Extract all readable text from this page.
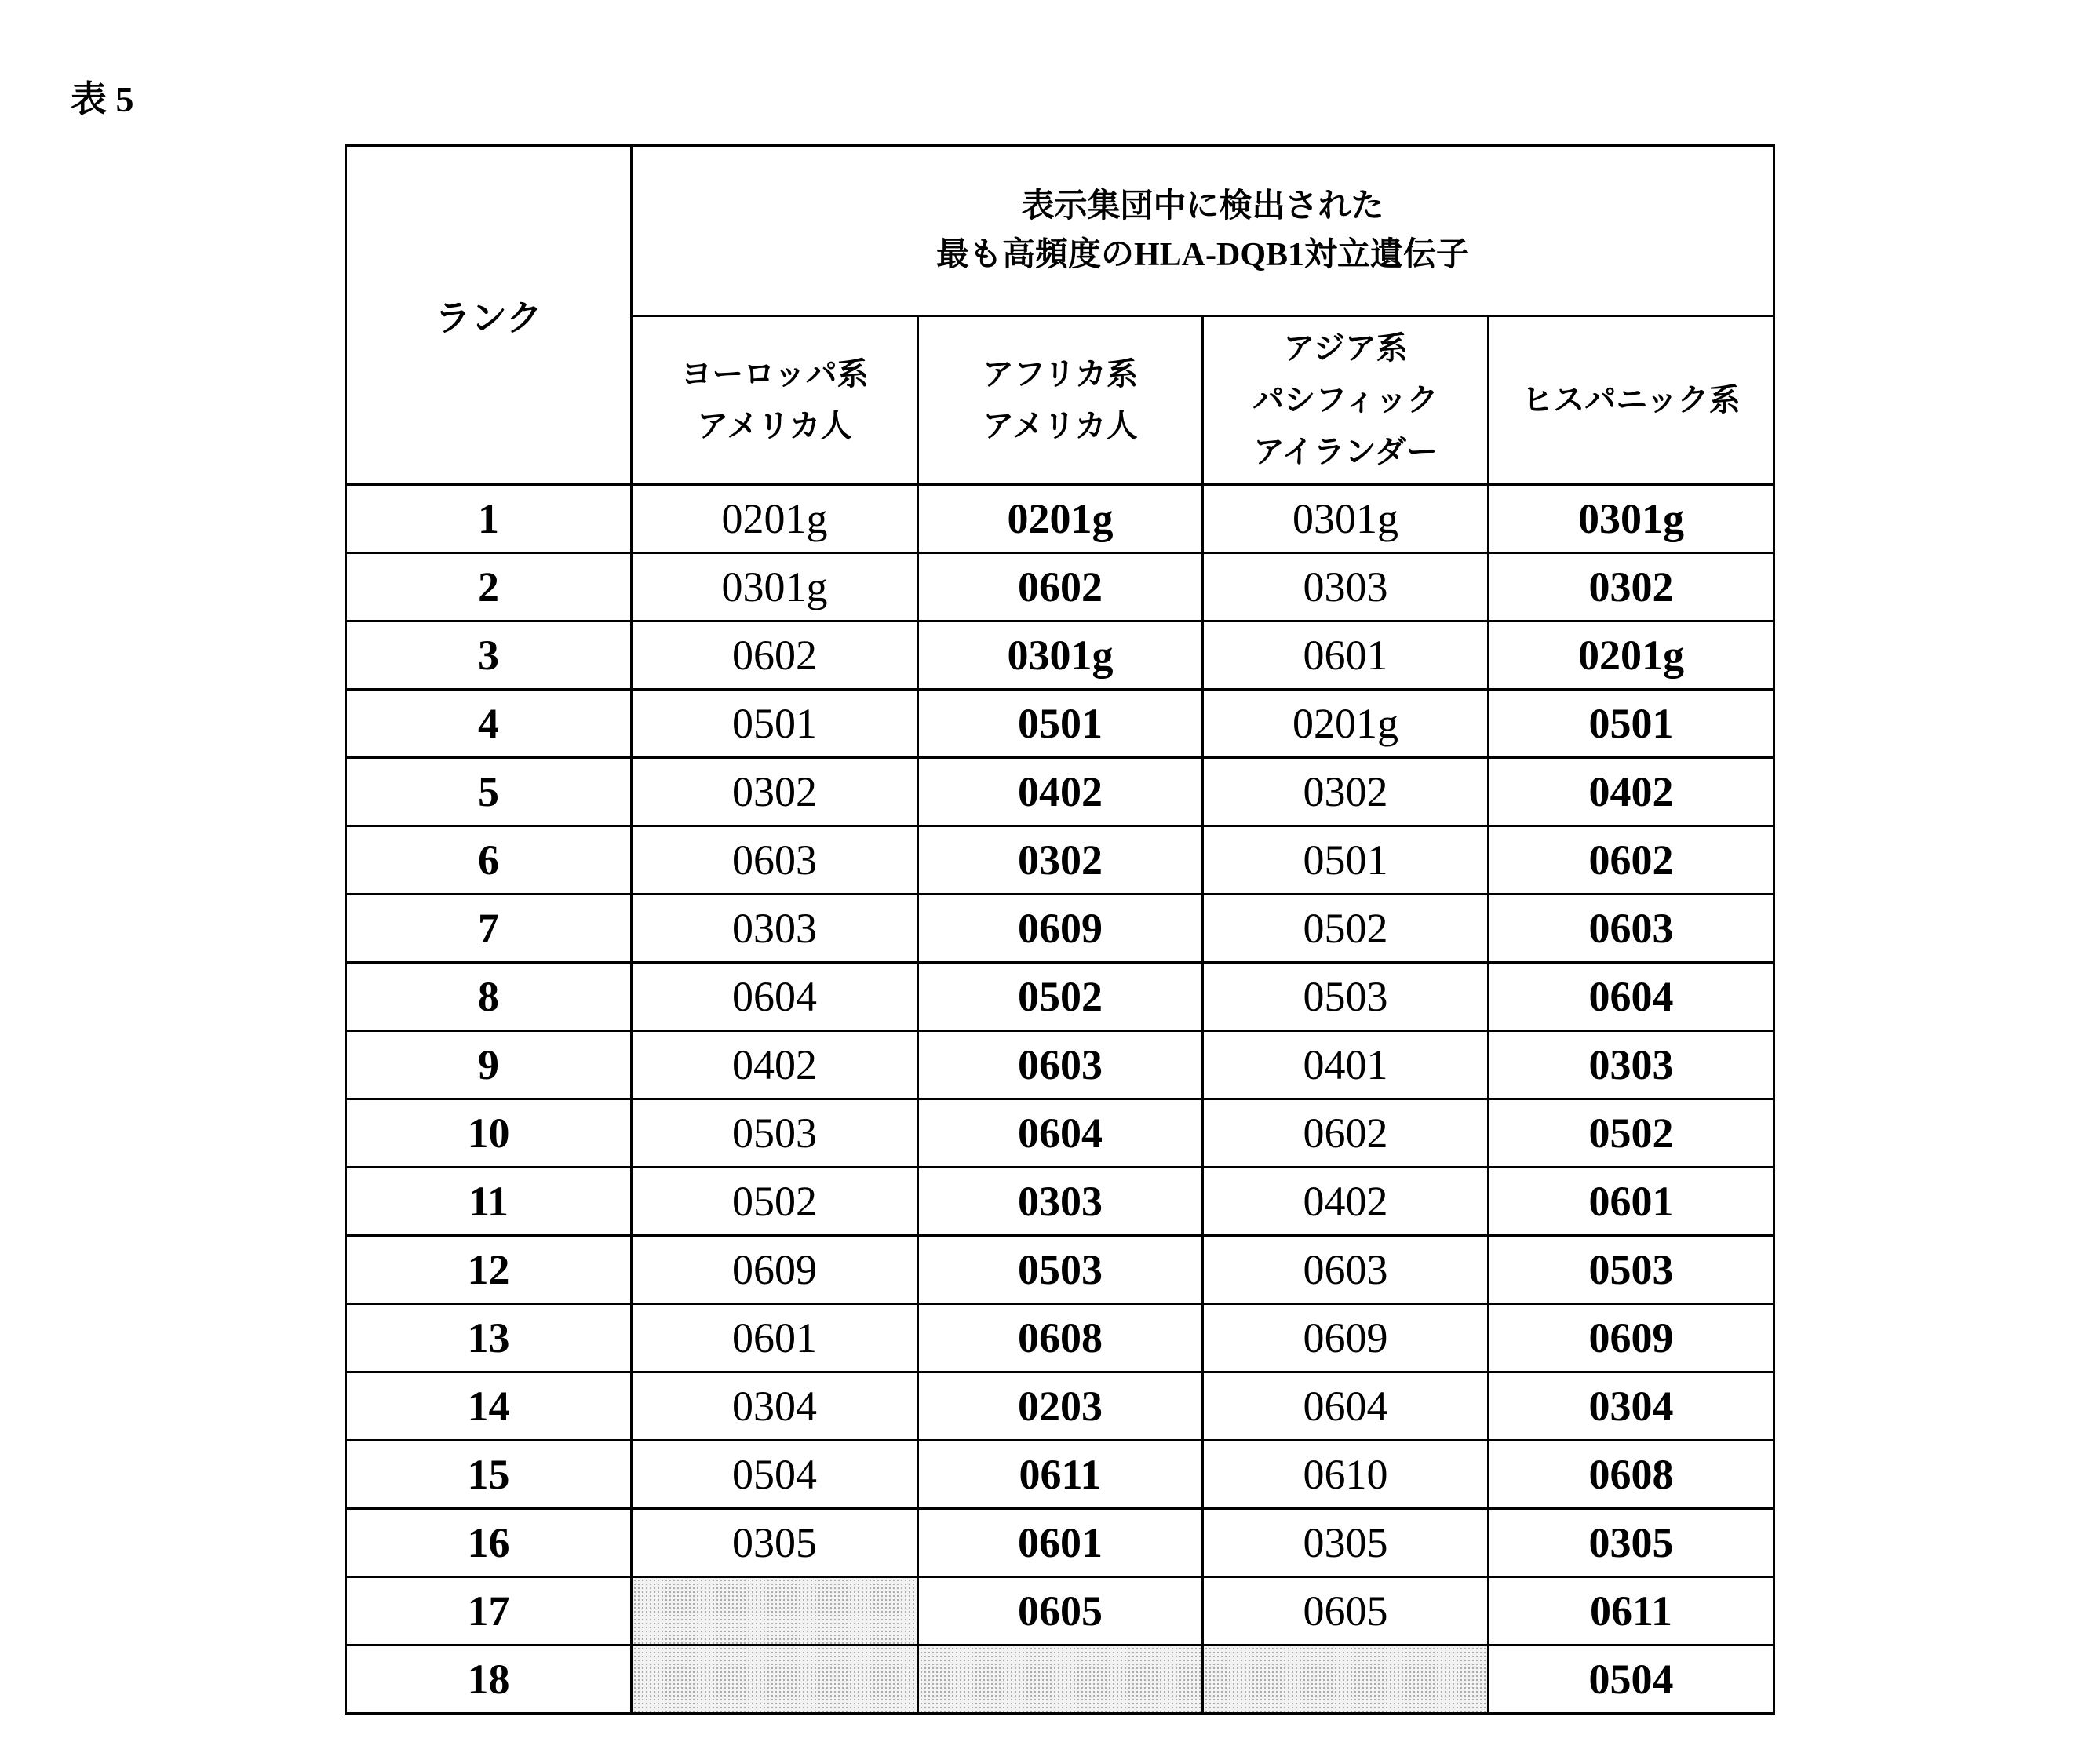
表 5
ランク	表示集団中に検出された
最も高頻度のHLA-DQB1対立遺伝子			

	ヨーロッパ系
アメリカ人	アフリカ系
アメリカ人	アジア系
パシフィック
アイランダー	ヒスパニック系

1	0201g	0201g	0301g	0301g
2	0301g	0602	0303	0302
3	0602	0301g	0601	0201g
4	0501	0501	0201g	0501
5	0302	0402	0302	0402
6	0603	0302	0501	0602
7	0303	0609	0502	0603
8	0604	0502	0503	0604
9	0402	0603	0401	0303
10	0503	0604	0602	0502
11	0502	0303	0402	0601
12	0609	0503	0603	0503
13	0601	0608	0609	0609
14	0304	0203	0604	0304
15	0504	0611	0610	0608
16	0305	0601	0305	0305
17		0605	0605	0611
18				0504
